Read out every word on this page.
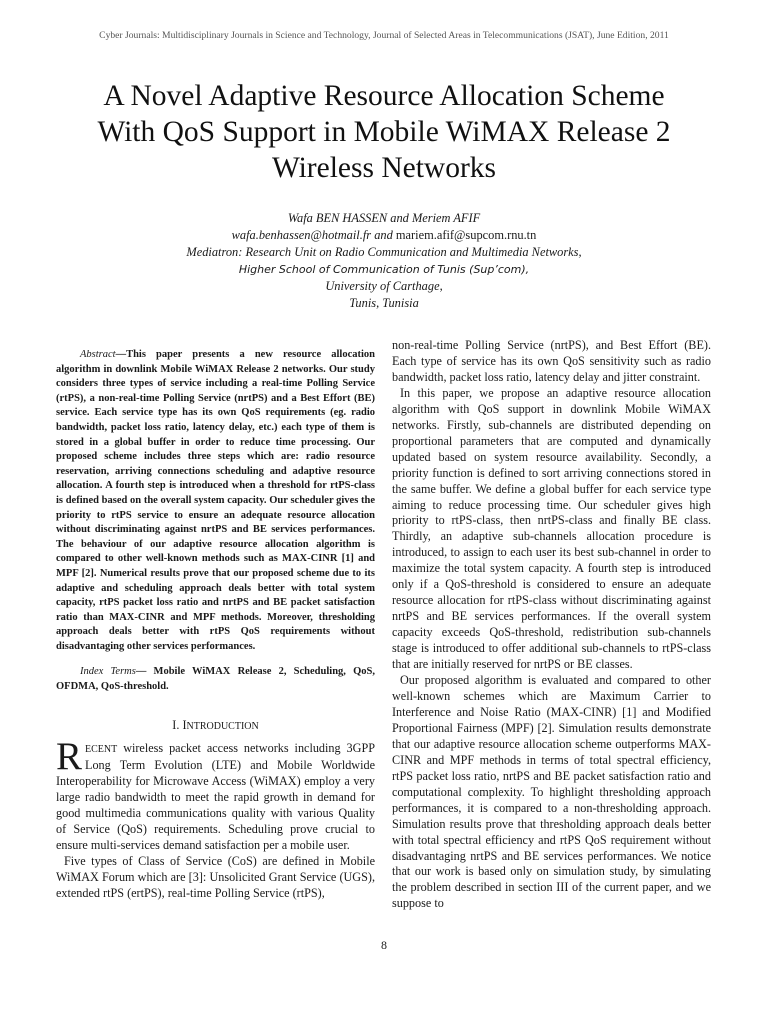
Cyber Journals: Multidisciplinary Journals in Science and Technology, Journal of Selected Areas in Telecommunications (JSAT), June Edition, 2011
A Novel Adaptive Resource Allocation Scheme
With QoS Support in Mobile WiMAX Release 2
Wireless Networks
Wafa BEN HASSEN and Meriem AFIF
wafa.benhassen@hotmail.fr and mariem.afif@supcom.rnu.tn
Mediatron: Research Unit on Radio Communication and Multimedia Networks,
Higher School of Communication of Tunis (Sup’com),
University of Carthage,
Tunis, Tunisia

Abstract—This paper presents a new resource allocation algorithm in downlink Mobile WiMAX Release 2 networks. Our study considers three types of service including a real-time Polling Service (rtPS), a non-real-time Polling Service (nrtPS) and a Best Effort (BE) service. Each service type has its own QoS requirements (eg. radio bandwidth, packet loss ratio, latency delay, etc.) each type of them is stored in a global buffer in order to reduce time processing. Our proposed scheme includes three steps which are: radio resource reservation, arriving connections scheduling and adaptive resource allocation. A fourth step is introduced when a threshold for rtPS-class is defined based on the overall system capacity. Our scheduler gives the priority to rtPS service to ensure an adequate resource allocation without discriminating against nrtPS and BE services performances. The behaviour of our adaptive resource allocation algorithm is compared to other well-known methods such as MAX-CINR [1] and MPF [2]. Numerical results prove that our proposed scheme due to its adaptive and scheduling approach deals better with total system capacity, rtPS packet loss ratio and nrtPS and BE packet satisfaction ratio than MAX-CINR and MPF methods. Moreover, thresholding approach deals better with rtPS QoS requirements without disadvantaging other services performances.

Index Terms— Mobile WiMAX Release 2, Scheduling, QoS, OFDMA, QoS-threshold.
I. INTRODUCTION

RECENT wireless packet access networks including 3GPP Long Term Evolution (LTE) and Mobile Worldwide Interoperability for Microwave Access (WiMAX) employ a very large radio bandwidth to meet the rapid growth in demand for good multimedia communications quality with various Quality of Service (QoS) requirements. Scheduling prove crucial to ensure multi-services demand satisfaction per a mobile user.

Five types of Class of Service (CoS) are defined in Mobile WiMAX Forum which are [3]: Unsolicited Grant Service (UGS), extended rtPS (ertPS), real-time Polling Service (rtPS),

non-real-time Polling Service (nrtPS), and Best Effort (BE). Each type of service has its own QoS sensitivity such as radio bandwidth, packet loss ratio, latency delay and jitter constraint.

In this paper, we propose an adaptive resource allocation algorithm with QoS support in downlink Mobile WiMAX networks. Firstly, sub-channels are distributed depending on proportional parameters that are computed and dynamically updated based on system resource availability. Secondly, a priority function is defined to sort arriving connections stored in the same buffer. We define a global buffer for each service type aiming to reduce processing time. Our scheduler gives high priority to rtPS-class, then nrtPS-class and finally BE class. Thirdly, an adaptive sub-channels allocation procedure is introduced, to assign to each user its best sub-channel in order to maximize the total system capacity. A fourth step is introduced only if a QoS-threshold is considered to ensure an adequate resource allocation for rtPS-class without discriminating against nrtPS and BE services performances. If the overall system capacity exceeds QoS-threshold, redistribution sub-channels stage is introduced to offer additional sub-channels to rtPS-class that are initially reserved for nrtPS or BE classes.

Our proposed algorithm is evaluated and compared to other well-known schemes which are Maximum Carrier to Interference and Noise Ratio (MAX-CINR) [1] and Modified Proportional Fairness (MPF) [2]. Simulation results demonstrate that our adaptive resource allocation scheme outperforms MAX-CINR and MPF methods in terms of total spectral efficiency, rtPS packet loss ratio, nrtPS and BE packet satisfaction ratio and computational complexity. To highlight thresholding approach performances, it is compared to a non-thresholding approach. Simulation results prove that thresholding approach deals better with total spectral efficiency and rtPS QoS requirement without disadvantaging nrtPS and BE services performances. We notice that our work is based only on simulation study, by simulating the problem described in section III of the current paper, and we suppose to

8
